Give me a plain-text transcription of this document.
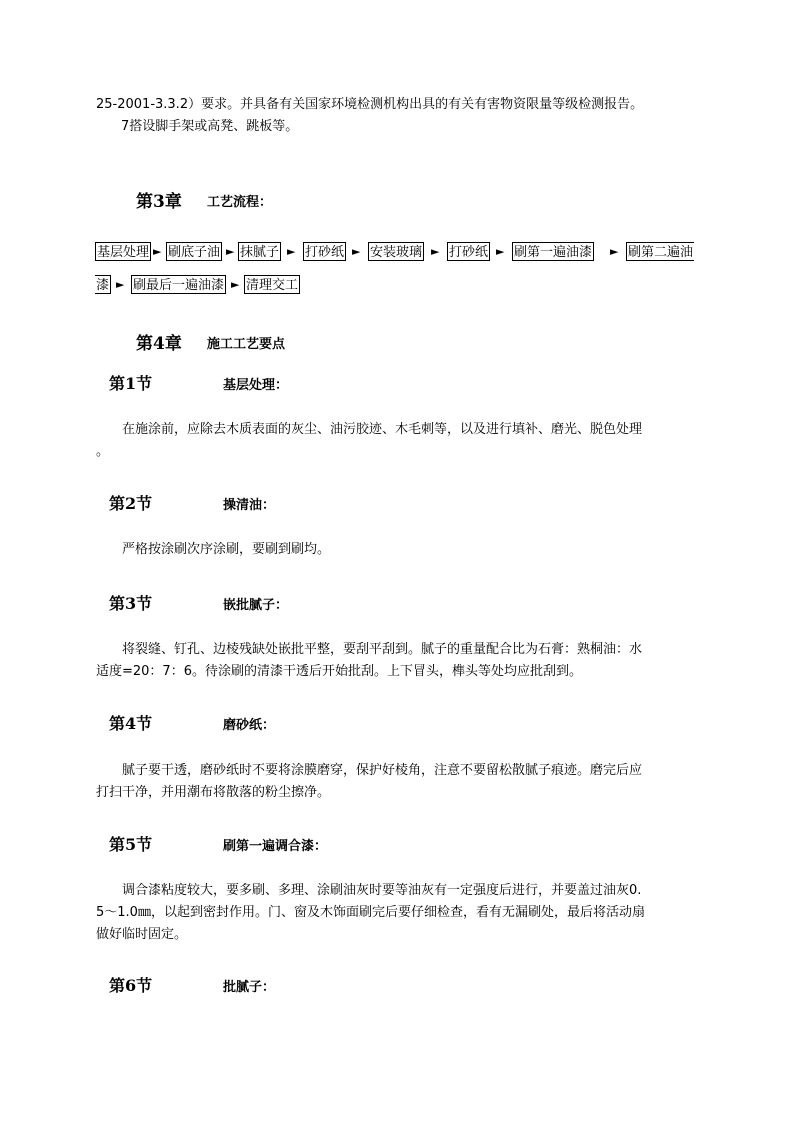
25-2001-3.3.2）要求。并具备有关国家环境检测机构出具的有关有害物资限量等级检测报告。
7搭设脚手架或高凳、跳板等。
第3章 工艺流程：
基层处理 ► 刷底子油 ► 抹腻子 ► 打砂纸 ► 安装玻璃 ► 打砂纸 ► 刷第一遍油漆 ► 刷第二遍油
漆 ► 刷最后一遍油漆 ► 清理交工
第4章 施工工艺要点
第1节	基层处理：
在施涂前，应除去木质表面的灰尘、油污胶迹、木毛刺等，以及进行填补、磨光、脱色处理
。
第2节	操清油：
严格按涂刷次序涂刷，要刷到刷均。
第3节	嵌批腻子：
将裂缝、钉孔、边棱残缺处嵌批平整，要刮平刮到。腻子的重量配合比为石膏：熟桐油：水
适度=20：7：6。待涂刷的清漆干透后开始批刮。上下冒头，榫头等处均应批刮到。
第4节	磨砂纸：
腻子要干透，磨砂纸时不要将涂膜磨穿，保护好棱角，注意不要留松散腻子痕迹。磨完后应
打扫干净，并用潮布将散落的粉尘擦净。
第5节	刷第一遍调合漆：
调合漆粘度较大，要多刷、多理、涂刷油灰时要等油灰有一定强度后进行，并要盖过油灰0.
5～1.0㎜，以起到密封作用。门、窗及木饰面刷完后要仔细检查，看有无漏刷处，最后将活动扇
做好临时固定。
第6节	批腻子：
